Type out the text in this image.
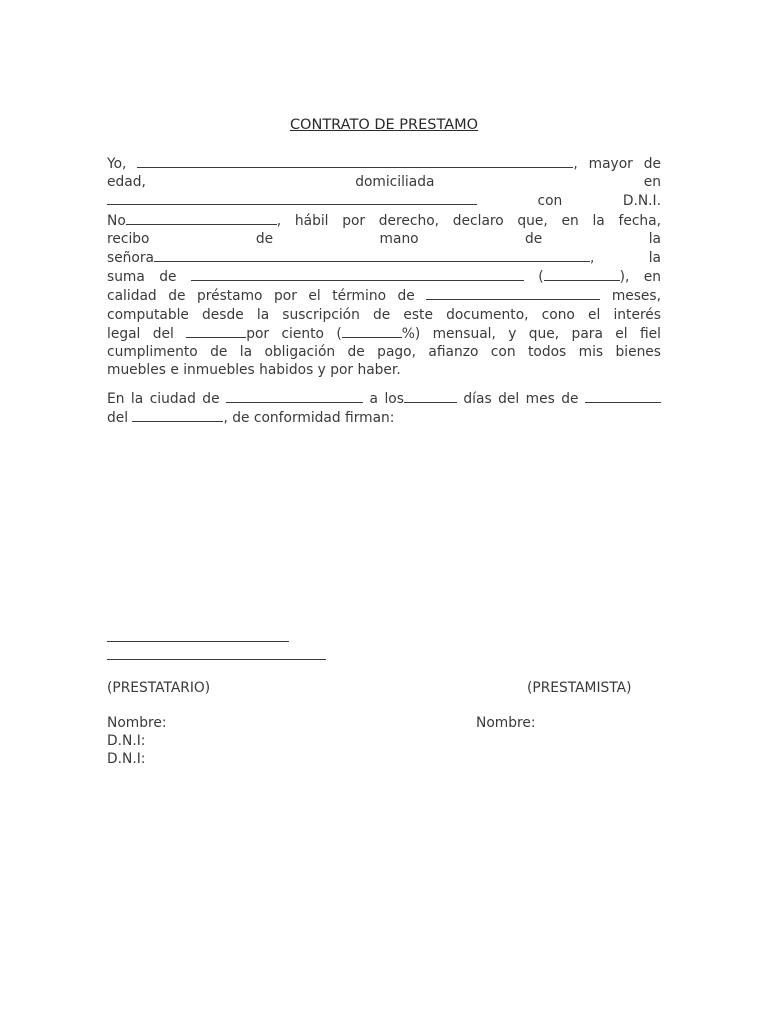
CONTRATO DE PRESTAMO
Yo,	, mayor de
edad,	domiciliada	en
con	D.N.I.
No	, hábil por derecho, declaro que, en la fecha,
recibo	de	mano	de	la
señora	,	la
suma de	(	), en
calidad de préstamo por el término de	meses,
computable desde la suscripción de este documento, cono el interés
legal del	por ciento (	%) mensual, y que, para el fiel
cumplimento de la obligación de pago, afianzo con todos mis bienes
muebles e inmuebles habidos y por haber.
En la ciudad de	a los	días del mes de
del	, de conformidad firman:
(PRESTATARIO)	(PRESTAMISTA)
Nombre:	Nombre:
D.N.I:
D.N.I:
